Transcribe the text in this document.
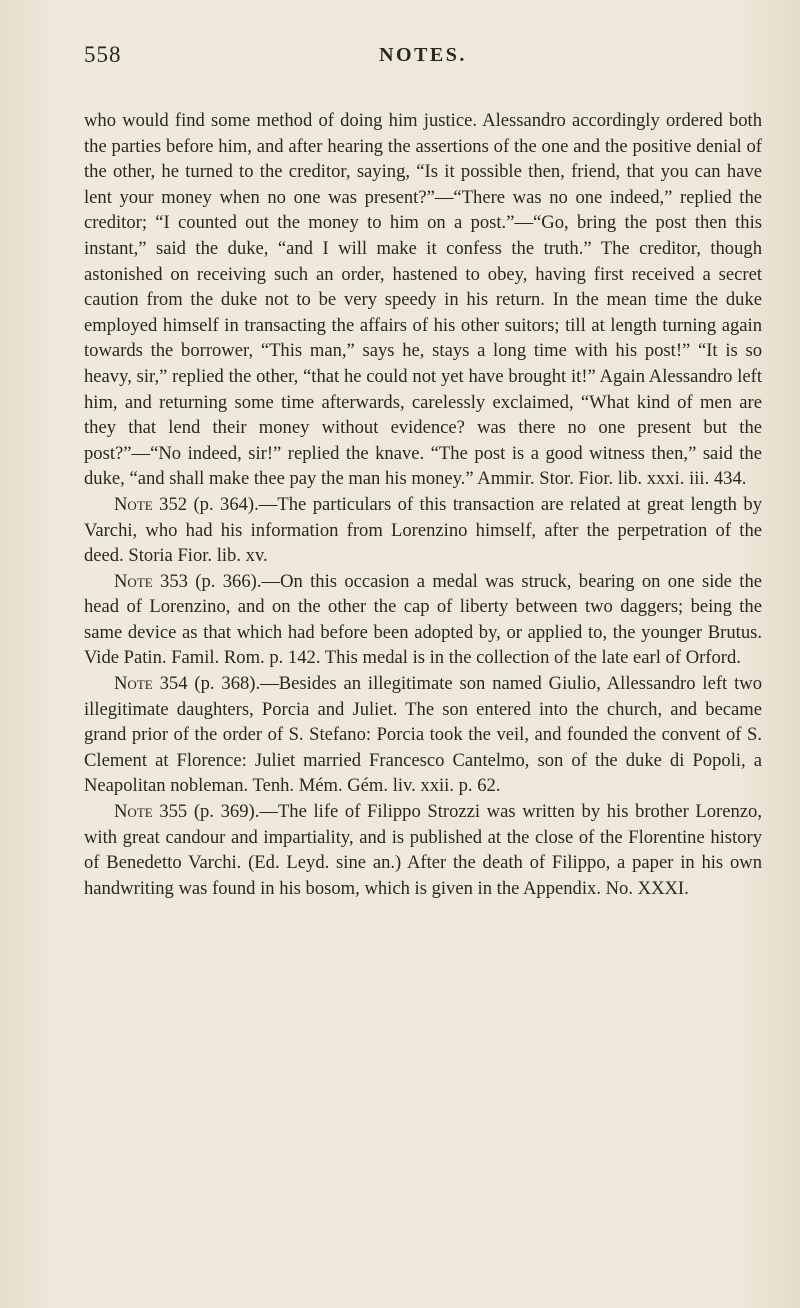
558	NOTES.

who would find some method of doing him justice. Alessandro accordingly ordered both the parties before him, and after hearing the assertions of the one and the positive denial of the other, he turned to the creditor, saying, “Is it possible then, friend, that you can have lent your money when no one was present?”—“There was no one indeed,” replied the creditor; “I counted out the money to him on a post.”—“Go, bring the post then this instant,” said the duke, “and I will make it confess the truth.” The creditor, though astonished on receiving such an order, hastened to obey, having first received a secret caution from the duke not to be very speedy in his return. In the mean time the duke employed himself in transacting the affairs of his other suitors; till at length turning again towards the borrower, “This man,” says he, stays a long time with his post!” “It is so heavy, sir,” replied the other, “that he could not yet have brought it!” Again Alessandro left him, and returning some time afterwards, carelessly exclaimed, “What kind of men are they that lend their money without evidence? was there no one present but the post?”—“No indeed, sir!” replied the knave. “The post is a good witness then,” said the duke, “and shall make thee pay the man his money.” Ammir. Stor. Fior. lib. xxxi. iii. 434.

Note 352 (p. 364).—The particulars of this transaction are related at great length by Varchi, who had his information from Lorenzino himself, after the perpetration of the deed. Storia Fior. lib. xv.

Note 353 (p. 366).—On this occasion a medal was struck, bearing on one side the head of Lorenzino, and on the other the cap of liberty between two daggers; being the same device as that which had before been adopted by, or applied to, the younger Brutus. Vide Patin. Famil. Rom. p. 142. This medal is in the collection of the late earl of Orford.

Note 354 (p. 368).—Besides an illegitimate son named Giulio, Allessandro left two illegitimate daughters, Porcia and Juliet. The son entered into the church, and became grand prior of the order of S. Stefano: Porcia took the veil, and founded the convent of S. Clement at Florence: Juliet married Francesco Cantelmo, son of the duke di Popoli, a Neapolitan nobleman. Tenh. Mém. Gém. liv. xxii. p. 62.

Note 355 (p. 369).—The life of Filippo Strozzi was written by his brother Lorenzo, with great candour and impartiality, and is published at the close of the Florentine history of Benedetto Varchi. (Ed. Leyd. sine an.) After the death of Filippo, a paper in his own handwriting was found in his bosom, which is given in the Appendix. No. XXXI.
